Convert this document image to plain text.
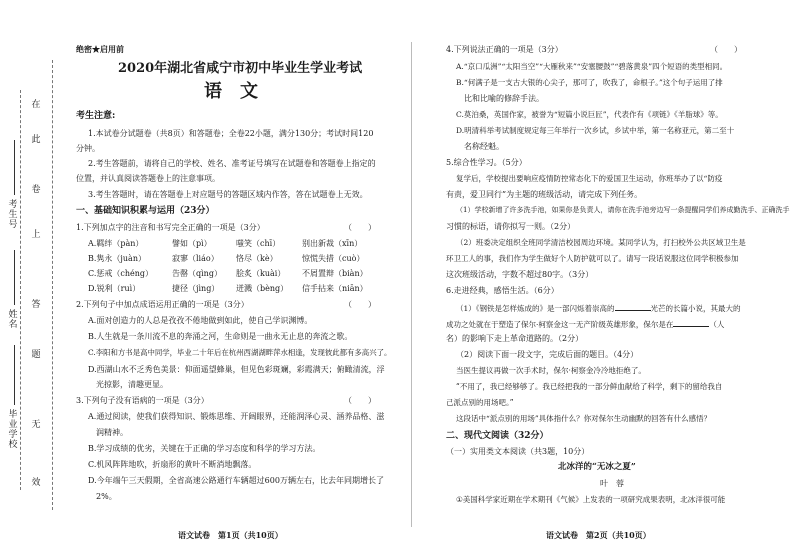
在
此
卷
上
答
题
无
效
考生号
姓名
毕业学校
绝密★启用前
2020年湖北省咸宁市初中毕业生学业考试
语　文
考生注意:
1.本试卷分试题卷（共8页）和答题卷；全卷22小题，满分130分；考试时间120
分钟。
2.考生答题前，请将自己的学校、姓名、准考证号填写在试题卷和答题卷上指定的
位置，并认真阅读答题卷上的注意事项。
3.考生答题时，请在答题卷上对应题号的答题区域内作答，答在试题卷上无效。
一、基础知识积累与运用（23分）
1.下列加点字的注音和书写完全正确的一项是（3分）	（　　）
A.羁绊（pàn）	譬如（pì）	嗤笑（chī）	别出新裁（xīn）
B.隽永（juàn）	寂寥（liáo） 恪尽（kè）	惊慌失措（cuò）
C.惩戒（chéng） 告罄（qìng） 脍炙（kuài） 不屑置辩（biàn）
D.锐利（ruì）	捷径（jìng） 迸溅（bèng） 信手拈来（niān）
2.下列句子中加点成语运用正确的一项是（3分）	（　　）
A.面对创造力的人总是孜孜不倦地做到如此，使自己学识渊博。
B.人生就是一条川流不息的奔涌之河，生命则是一曲永无止息的奔流之歌。
C.李阳和方书是高中同学，毕业二十年后在杭州西湖湖畔萍水相逢，发现彼此都有多高兴了。
D.西湖山水不乏秀色美景：仰面遥望蜂巢，但见色彩斑斓，彩霞满天；俯瞰清流，浮
　光掠影，清趣更显。
3.下列句子没有语病的一项是（3分）	（　　）
A.通过阅读，使我们获得知识、锻炼思维、开阔眼界，还能润泽心灵、涵养品格、滋
　润精神。
B.学习成绩的优劣，关键在于正确的学习态度和科学的学习方法。
C.机风阵阵地吹，折扇形的黄叶不断消地飘落。
D.今年端午三天假期，全省高速公路通行车辆超过600万辆左右，比去年同期增长了
　2%。
语文试卷　第1页（共10页）
4.下列说法正确的一项是（3分）	（　　）
A.“京口瓜洲”“太阳当空”“大雁秋来”“安塞腰鼓”“碧落黄泉”四个短语的类型相同。
B.“何满子是一支古大银的心尖子，那可了，吹我了，命根子。”这个句子运用了排
　比和比喻的修辞手法。
C.莫泊桑，英国作家，被誉为“短篇小说巨匠”，代表作有《项链》《羊脂球》等。
D.明清科举考试制度规定每三年举行一次乡试，乡试中举，第一名称亚元，第二至十
　名称经魁。
5.综合性学习。（5分）
复学后，学校提出要响应疫情防控常态化下的爱国卫生运动，你班举办了以“防疫
有责，爱卫同行”为主题的班级活动，请完成下列任务。
（1）学校新增了许多洗手池，如果你是负责人，请你在洗手池旁边写一条提醒同学们养成勤洗手、正确洗手
习惯的标语，请你拟写一则。（2分）
（2）班委决定组织全班同学清洁校园周边环境。某同学认为，打扫校外公共区域卫生是
环卫工人的事，我们作为学生做好个人防护就可以了。请写一段话说服这位同学积极参加
这次班级活动，字数不超过80字。（3分）
6.走进经典，感悟生活。（6分）
（1）《钢铁是怎样炼成的》是一部闪烁着崇高的	光芒的长篇小说，其最大的
成功之处就在于塑造了保尔·柯察金这一无产阶级英雄形象，保尔是在	（人
名）的影响下走上革命道路的。（2分）
（2）阅读下面一段文字，完成后面的题目。（4分）
当医生提议再做一次手术时，保尔·柯察金冷冷地拒绝了。
“不用了，我已经够够了。我已经把我的一部分鲜血献给了科学，剩下的留给我自
己派点别的用场吧。”
这段话中“派点别的用场”具体指什么？你对保尔生动幽默的回答有什么感悟？
二、现代文阅读（32分）
（一）实用类文本阅读（共3题，10分）
北冰洋的“无冰之夏”
叶　蓉
①美国科学家近期在学术期刊《气候》上发表的一项研究成果表明，北冰洋很可能
语文试卷　第2页（共10页）
